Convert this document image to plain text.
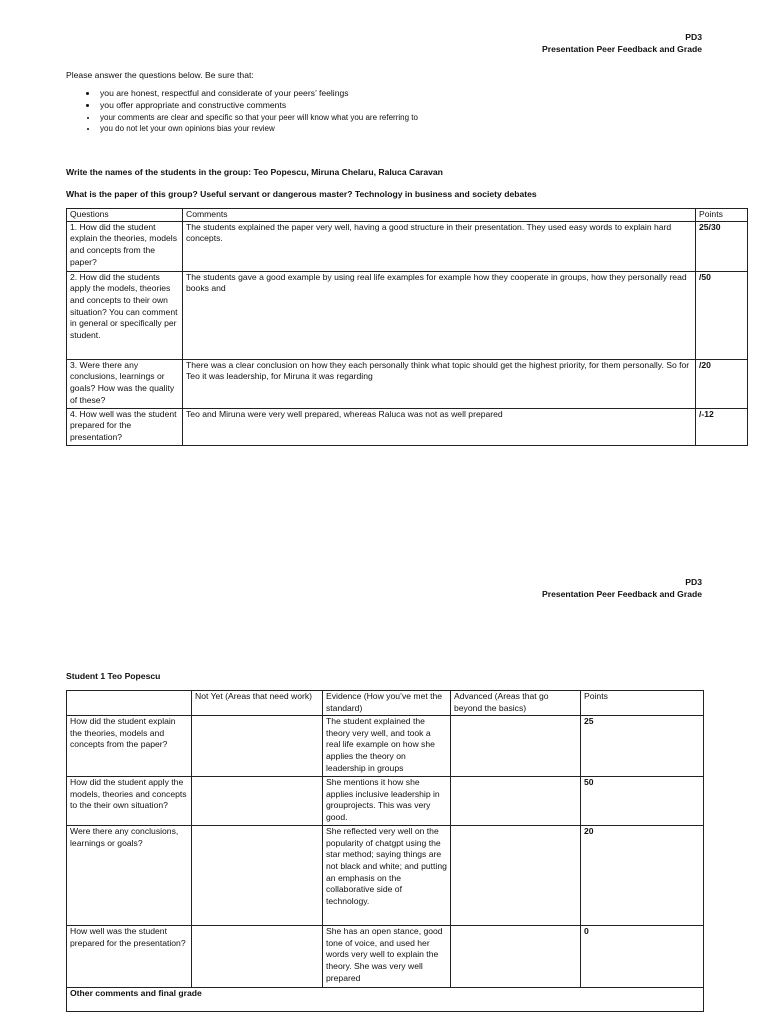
PD3
Presentation Peer Feedback and Grade
Please answer the questions below. Be sure that:
• you are honest, respectful and considerate of your peers’ feelings
• you offer appropriate and constructive comments
• your comments are clear and specific so that your peer will know what you are referring to
• you do not let your own opinions bias your review
Write the names of the students in the group: Teo Popescu, Miruna Chelaru, Raluca Caravan
What is the paper of this group? Useful servant or dangerous master? Technology in business and society debates
Questions	Comments	Points
1. How did the student explain the theories, models and concepts from the paper?	The students explained the paper very well, having a good structure in their presentation. They used easy words to explain hard concepts.	25/30
2. How did the students apply the models, theories and concepts to their own situation? You can comment in general or specifically per student.	The students gave a good example by using real life examples for example how they cooperate in groups, how they personally read books and	/50
3. Were there any conclusions, learnings or goals? How was the quality of these?	There was a clear conclusion on how they each personally think what topic should get the highest priority, for them personally. So for Teo it was leadership, for Miruna it was regarding	/20
4. How well was the student prepared for the presentation?	Teo and Miruna were very well prepared, whereas Raluca was not as well prepared	/-12
PD3
Presentation Peer Feedback and Grade
Student 1 Teo Popescu
	Not Yet (Areas that need work)	Evidence (How you’ve met the standard)	Advanced (Areas that go beyond the basics)	Points
How did the student explain the theories, models and concepts from the paper?		The student explained the theory very well, and took a real life example on how she applies the theory on leadership in groups		25
How did the student apply the models, theories and concepts to the their own situation?		She mentions it how she applies inclusive leadership in grouprojects. This was very good.		50
Were there any conclusions, learnings or goals?		She reflected very well on the popularity of chatgpt using the star method; saying things are not black and white; and putting an emphasis on the collaborative side of technology.		20
How well was the student prepared for the presentation?		She has an open stance, good tone of voice, and used her words very well to explain the theory. She was very well prepared		0
Other comments and final grade				
